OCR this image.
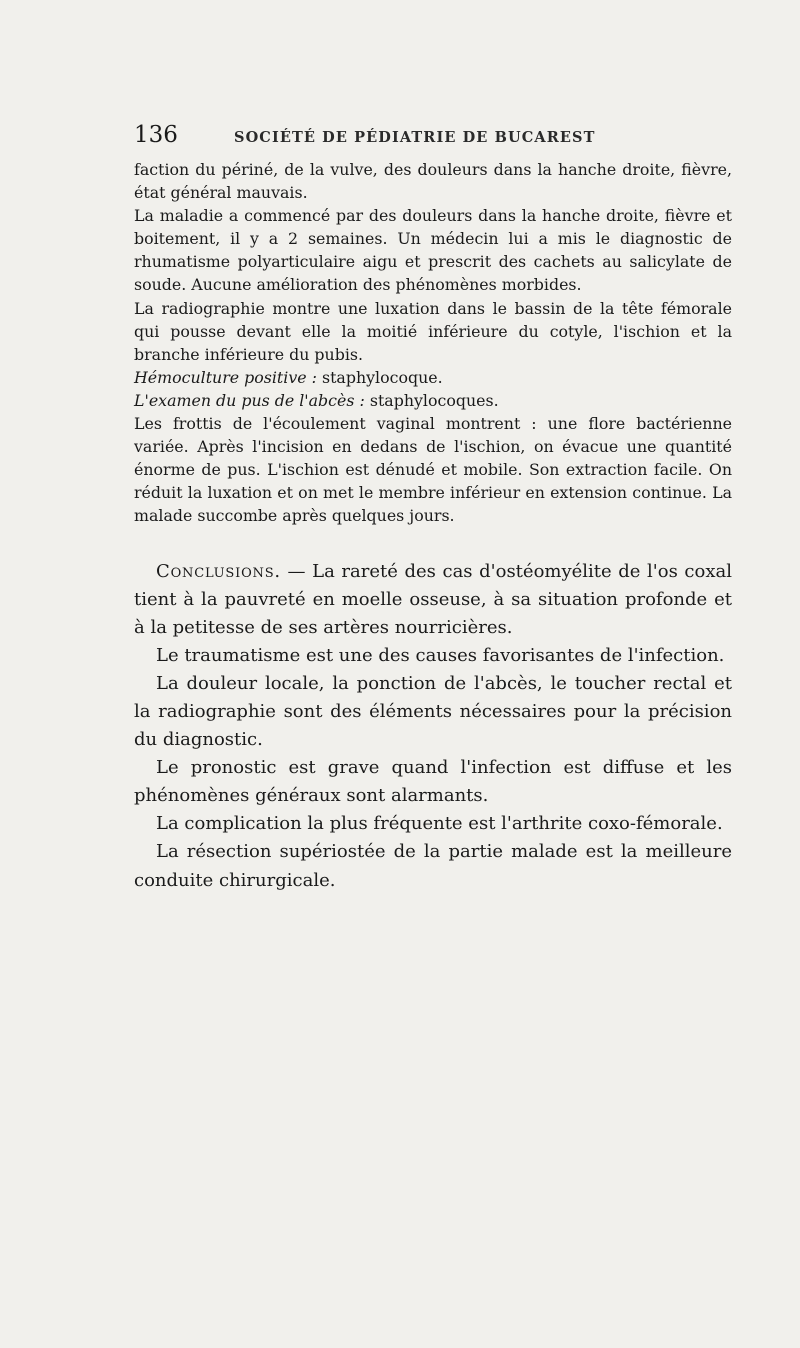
136	SOCIÉTÉ DE PÉDIATRIE DE BUCAREST

faction du périné, de la vulve, des douleurs dans la hanche droite, fièvre, état général mauvais.

La maladie a commencé par des douleurs dans la hanche droite, fièvre et boitement, il y a 2 semaines. Un médecin lui a mis le diagnostic de rhumatisme polyarticulaire aigu et prescrit des cachets au salicylate de soude. Aucune amélioration des phénomènes morbides.

La radiographie montre une luxation dans le bassin de la tête fémorale qui pousse devant elle la moitié inférieure du cotyle, l'ischion et la branche inférieure du pubis.

Hémoculture positive : staphylocoque.

L'examen du pus de l'abcès : staphylocoques.

Les frottis de l'écoulement vaginal montrent : une flore bactérienne variée. Après l'incision en dedans de l'ischion, on évacue une quantité énorme de pus. L'ischion est dénudé et mobile. Son extraction facile. On réduit la luxation et on met le membre inférieur en extension continue. La malade succombe après quelques jours.

Conclusions. — La rareté des cas d'ostéomyélite de l'os coxal tient à la pauvreté en moelle osseuse, à sa situation profonde et à la petitesse de ses artères nourricières.

Le traumatisme est une des causes favorisantes de l'infection.

La douleur locale, la ponction de l'abcès, le toucher rectal et la radiographie sont des éléments nécessaires pour la précision du diagnostic.

Le pronostic est grave quand l'infection est diffuse et les phénomènes généraux sont alarmants.

La complication la plus fréquente est l'arthrite coxo-fémorale.

La résection supériostée de la partie malade est la meilleure conduite chirurgicale.
